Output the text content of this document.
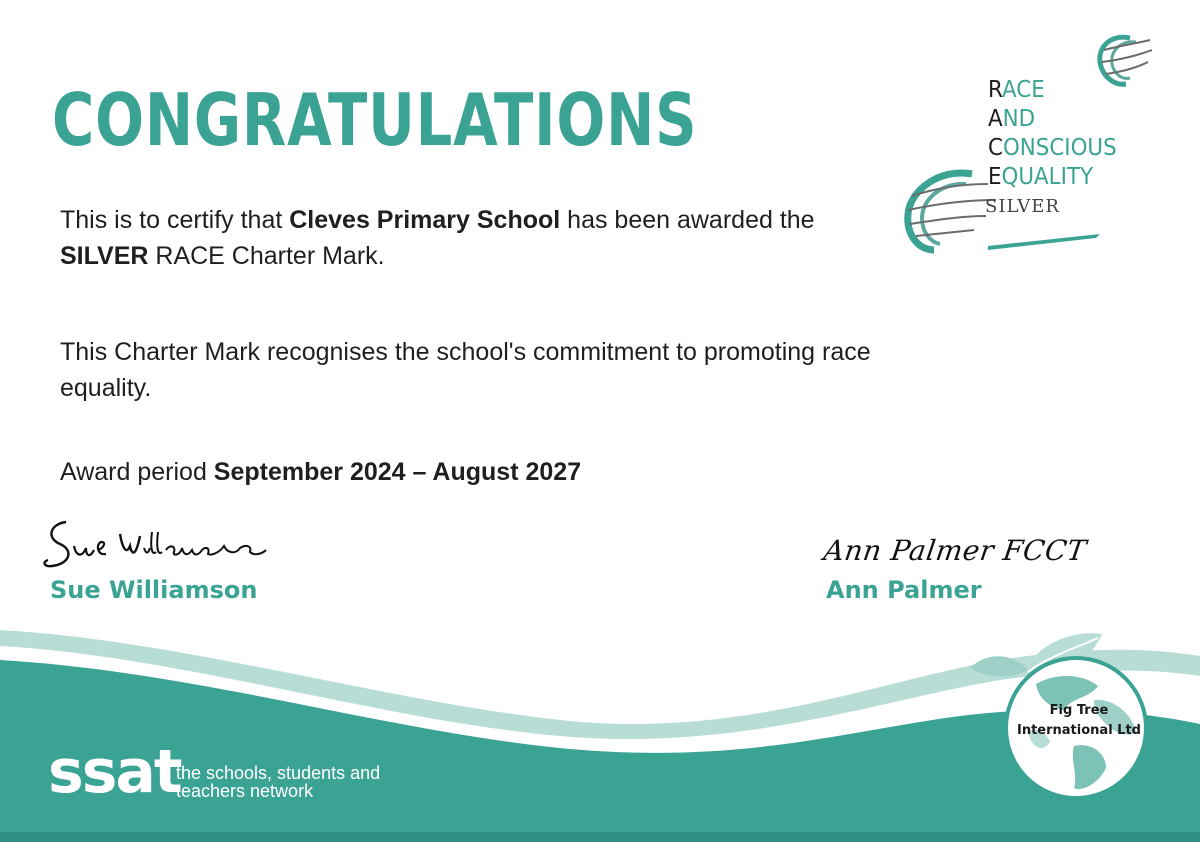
CONGRATULATIONS

This is to certify that Cleves Primary School has been awarded the SILVER RACE Charter Mark.

This Charter Mark recognises the school's commitment to promoting race equality.

Award period September 2024 – August 2027

Ann Palmer FCCT

Sue Williamson	Ann Palmer

RACE
AND
CONSCIOUS
EQUALITY
SILVER
ssat

the schools, students and teachers network

Fig Tree International Ltd
